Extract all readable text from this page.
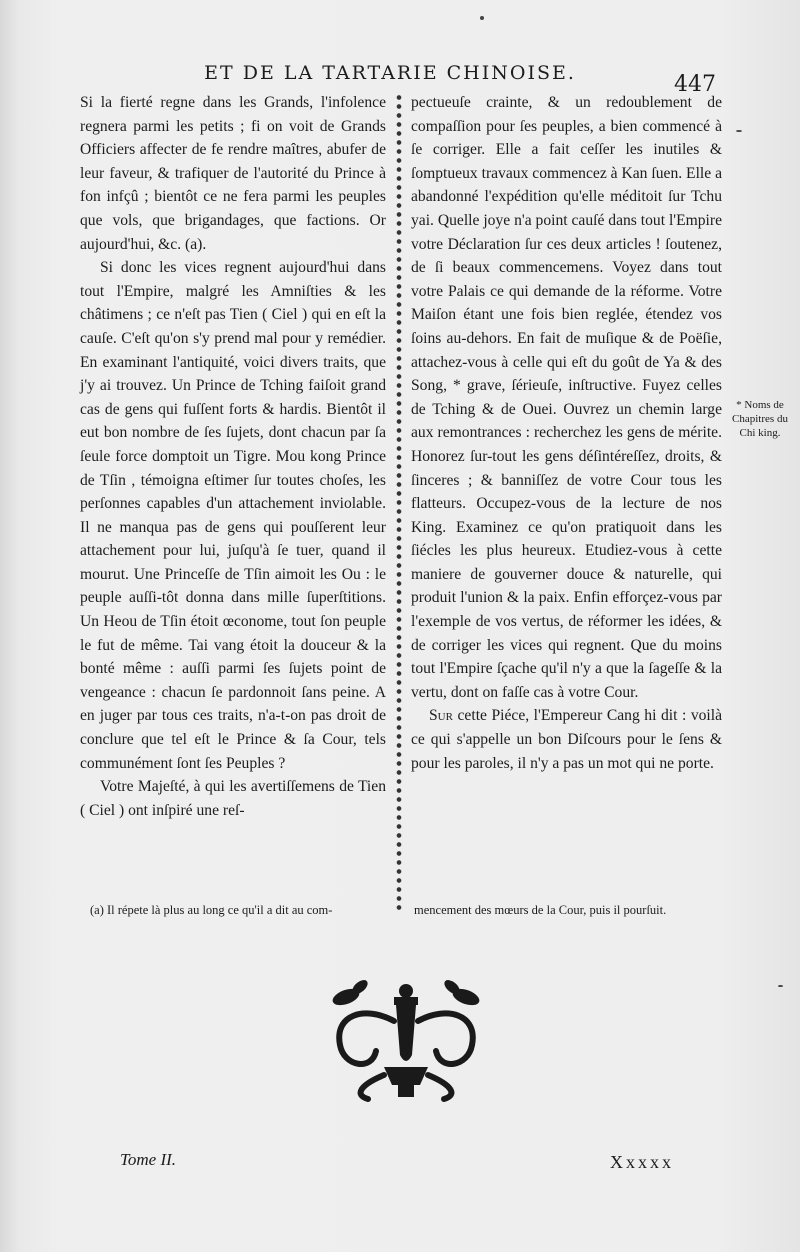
ET DE LA TARTARIE CHINOISE.	447

Si la fierté regne dans les Grands, l'infolence regnera parmi les petits ; fi on voit de Grands Officiers affecter de fe rendre maîtres, abufer de leur faveur, & trafiquer de l'autorité du Prince à fon infçû ; bientôt ce ne fera parmi les peuples que vols, que brigandages, que factions. Or aujourd'hui, &c. (a).

Si donc les vices regnent aujourd'hui dans tout l'Empire, malgré les Amniſties & les châtimens ; ce n'eſt pas Tien ( Ciel ) qui en eſt la cauſe. C'eſt qu'on s'y prend mal pour y remédier. En examinant l'antiquité, voici divers traits, que j'y ai trouvez. Un Prince de Tching faiſoit grand cas de gens qui fuſſent forts & hardis. Bientôt il eut bon nombre de ſes ſujets, dont chacun par ſa ſeule force domptoit un Tigre. Mou kong Prince de Tſin , témoigna eſtimer ſur toutes choſes, les perſonnes capables d'un attachement inviolable. Il ne manqua pas de gens qui pouſſerent leur attachement pour lui, juſqu'à ſe tuer, quand il mourut. Une Princeſſe de Tſin aimoit les Ou : le peuple auſſi-tôt donna dans mille ſuperſtitions. Un Heou de Tſin étoit œconome, tout ſon peuple le fut de même. Tai vang étoit la douceur & la bonté même : auſſi parmi ſes ſujets point de vengeance : chacun ſe pardonnoit ſans peine. A en juger par tous ces traits, n'a-t-on pas droit de conclure que tel eſt le Prince & ſa Cour, tels communément ſont ſes Peuples ?

Votre Majeſté, à qui les avertiſſemens de Tien ( Ciel ) ont inſpiré une reſ-

pectueuſe crainte, & un redoublement de compaſſion pour ſes peuples, a bien commencé à ſe corriger. Elle a fait ceſſer les inutiles & ſomptueux travaux commencez à Kan ſuen. Elle a abandonné l'expédition qu'elle méditoit ſur Tchu yai. Quelle joye n'a point cauſé dans tout l'Empire votre Déclaration ſur ces deux articles ! ſoutenez, de ſi beaux commencemens. Voyez dans tout votre Palais ce qui demande de la réforme. Votre Maiſon étant une fois bien reglée, étendez vos ſoins au-dehors. En fait de muſique & de Poëſie, attachez-vous à celle qui eſt du goût de Ya & des Song, * grave, ſérieuſe, inſtructive. Fuyez celles de Tching & de Ouei. Ouvrez un chemin large aux remontrances : recherchez les gens de mérite. Honorez ſur-tout les gens déſintéreſſez, droits, & ſinceres ; & banniſſez de votre Cour tous les flatteurs. Occupez-vous de la lecture de nos King. Examinez ce qu'on pratiquoit dans les ſiécles les plus heureux. Etudiez-vous à cette maniere de gouverner douce & naturelle, qui produit l'union & la paix. Enfin efforçez-vous par l'exemple de vos vertus, de réformer les idées, & de corriger les vices qui regnent. Que du moins tout l'Empire ſçache qu'il n'y a que la ſageſſe & la vertu, dont on faſſe cas à votre Cour.

Sur cette Piéce, l'Empereur Cang hi dit : voilà ce qui s'appelle un bon Diſcours pour le ſens & pour les paroles, il n'y a pas un mot qui ne porte.

* Noms de Chapitres du Chi king.
(a) Il répete là plus au long ce qu'il a dit au com-	mencement des mœurs de la Cour, puis il pourſuit.
Tome II.	Xxxxx
